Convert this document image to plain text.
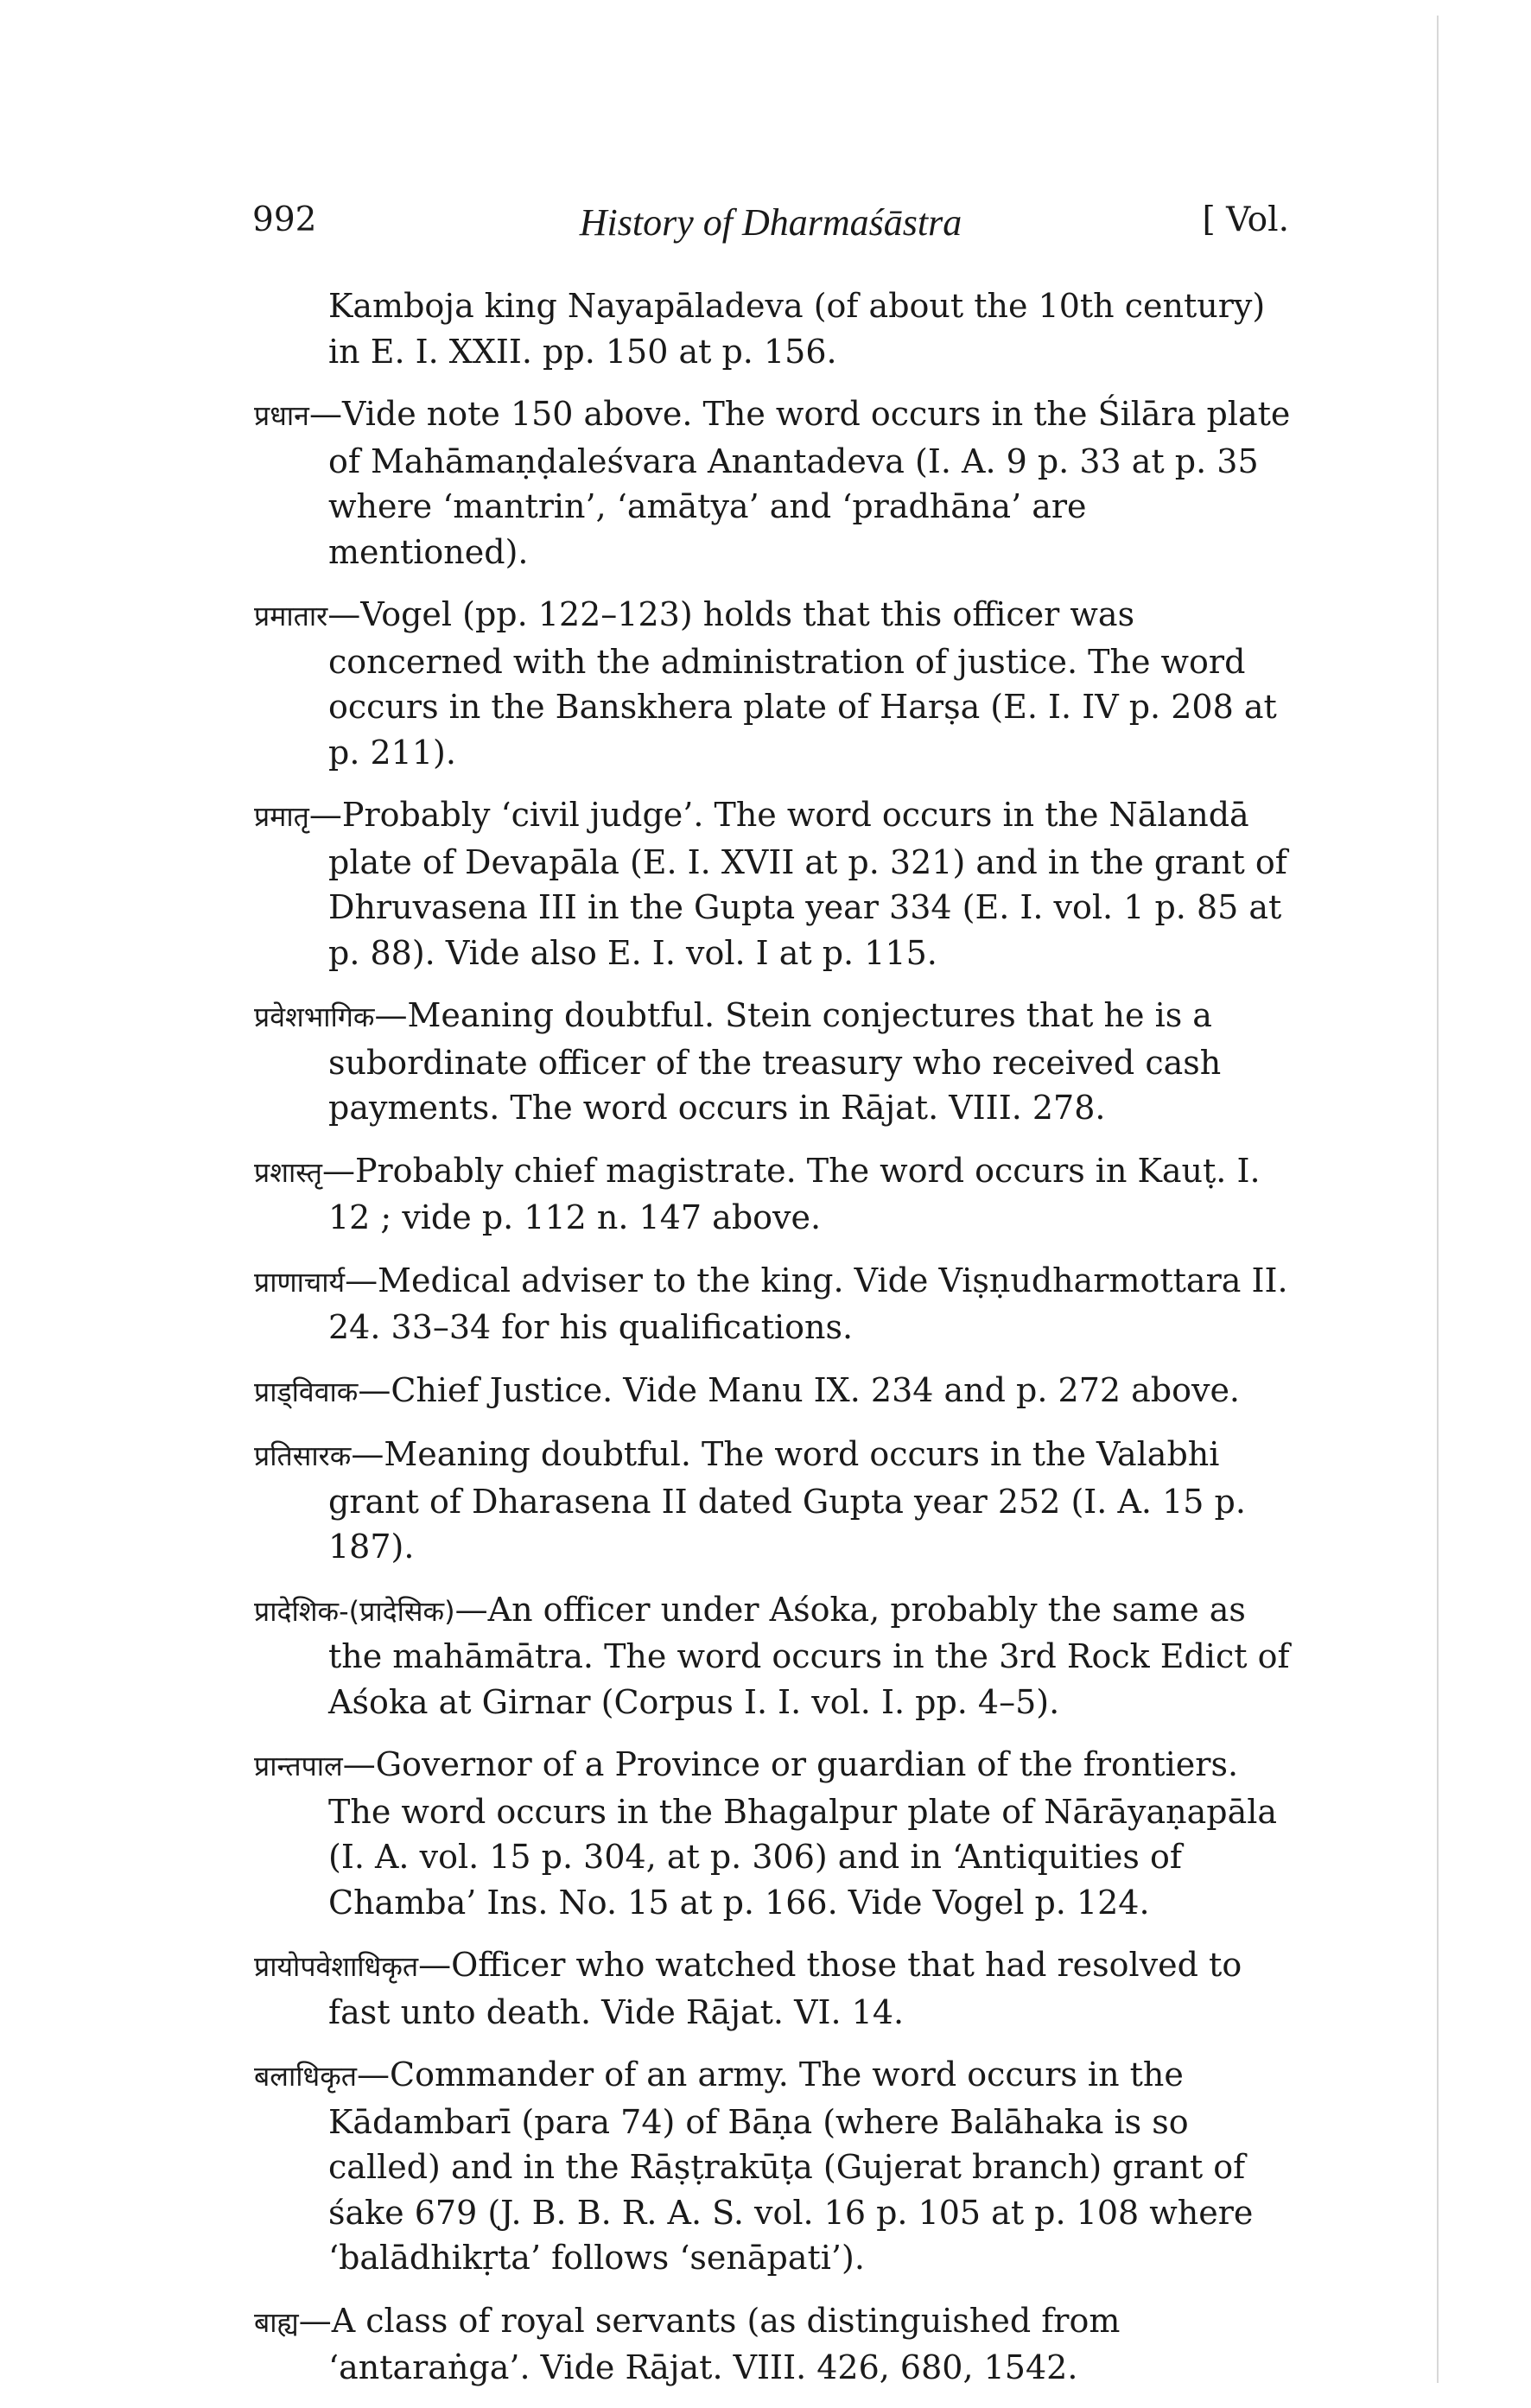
992	History of Dharmaśāstra	[ Vol.

Kamboja king Nayapāladeva (of about the 10th century) in E. I. XXII. pp. 150 at p. 156.

प्रधान—Vide note 150 above. The word occurs in the Śilāra plate of Mahāmaṇḍaleśvara Anantadeva (I. A. 9 p. 33 at p. 35 where ‘mantrin’, ‘amātya’ and ‘pradhāna’ are mentioned).

प्रमातार—Vogel (pp. 122–123) holds that this officer was concerned with the administration of justice. The word occurs in the Banskhera plate of Harṣa (E. I. IV p. 208 at p. 211).

प्रमातृ—Probably ‘civil judge’. The word occurs in the Nālandā plate of Devapāla (E. I. XVII at p. 321) and in the grant of Dhruvasena III in the Gupta year 334 (E. I. vol. 1 p. 85 at p. 88). Vide also E. I. vol. I at p. 115.

प्रवेशभागिक—Meaning doubtful. Stein conjectures that he is a subordinate officer of the treasury who received cash payments. The word occurs in Rājat. VIII. 278.

प्रशास्तृ—Probably chief magistrate. The word occurs in Kauṭ. I. 12 ; vide p. 112 n. 147 above.

प्राणाचार्य—Medical adviser to the king. Vide Viṣṇudharmottara II. 24. 33–34 for his qualifications.

प्राड्विवाक—Chief Justice. Vide Manu IX. 234 and p. 272 above.

प्रतिसारक—Meaning doubtful. The word occurs in the Valabhi grant of Dharasena II dated Gupta year 252 (I. A. 15 p. 187).

प्रादेशिक-(प्रादेसिक)—An officer under Aśoka, probably the same as the mahāmātra. The word occurs in the 3rd Rock Edict of Aśoka at Girnar (Corpus I. I. vol. I. pp. 4–5).

प्रान्तपाल—Governor of a Province or guardian of the frontiers. The word occurs in the Bhagalpur plate of Nārāyaṇapāla (I. A. vol. 15 p. 304, at p. 306) and in ‘Antiquities of Chamba’ Ins. No. 15 at p. 166. Vide Vogel p. 124.

प्रायोपवेशाधिकृत—Officer who watched those that had resolved to fast unto death. Vide Rājat. VI. 14.

बलाधिकृत—Commander of an army. The word occurs in the Kādambarī (para 74) of Bāṇa (where Balāhaka is so called) and in the Rāṣṭrakūṭa (Gujerat branch) grant of śake 679 (J. B. B. R. A. S. vol. 16 p. 105 at p. 108 where ‘balādhikṛta’ follows ‘senāpati’).

बाह्य—A class of royal servants (as distinguished from ‘antaraṅga’. Vide Rājat. VIII. 426, 680, 1542.
